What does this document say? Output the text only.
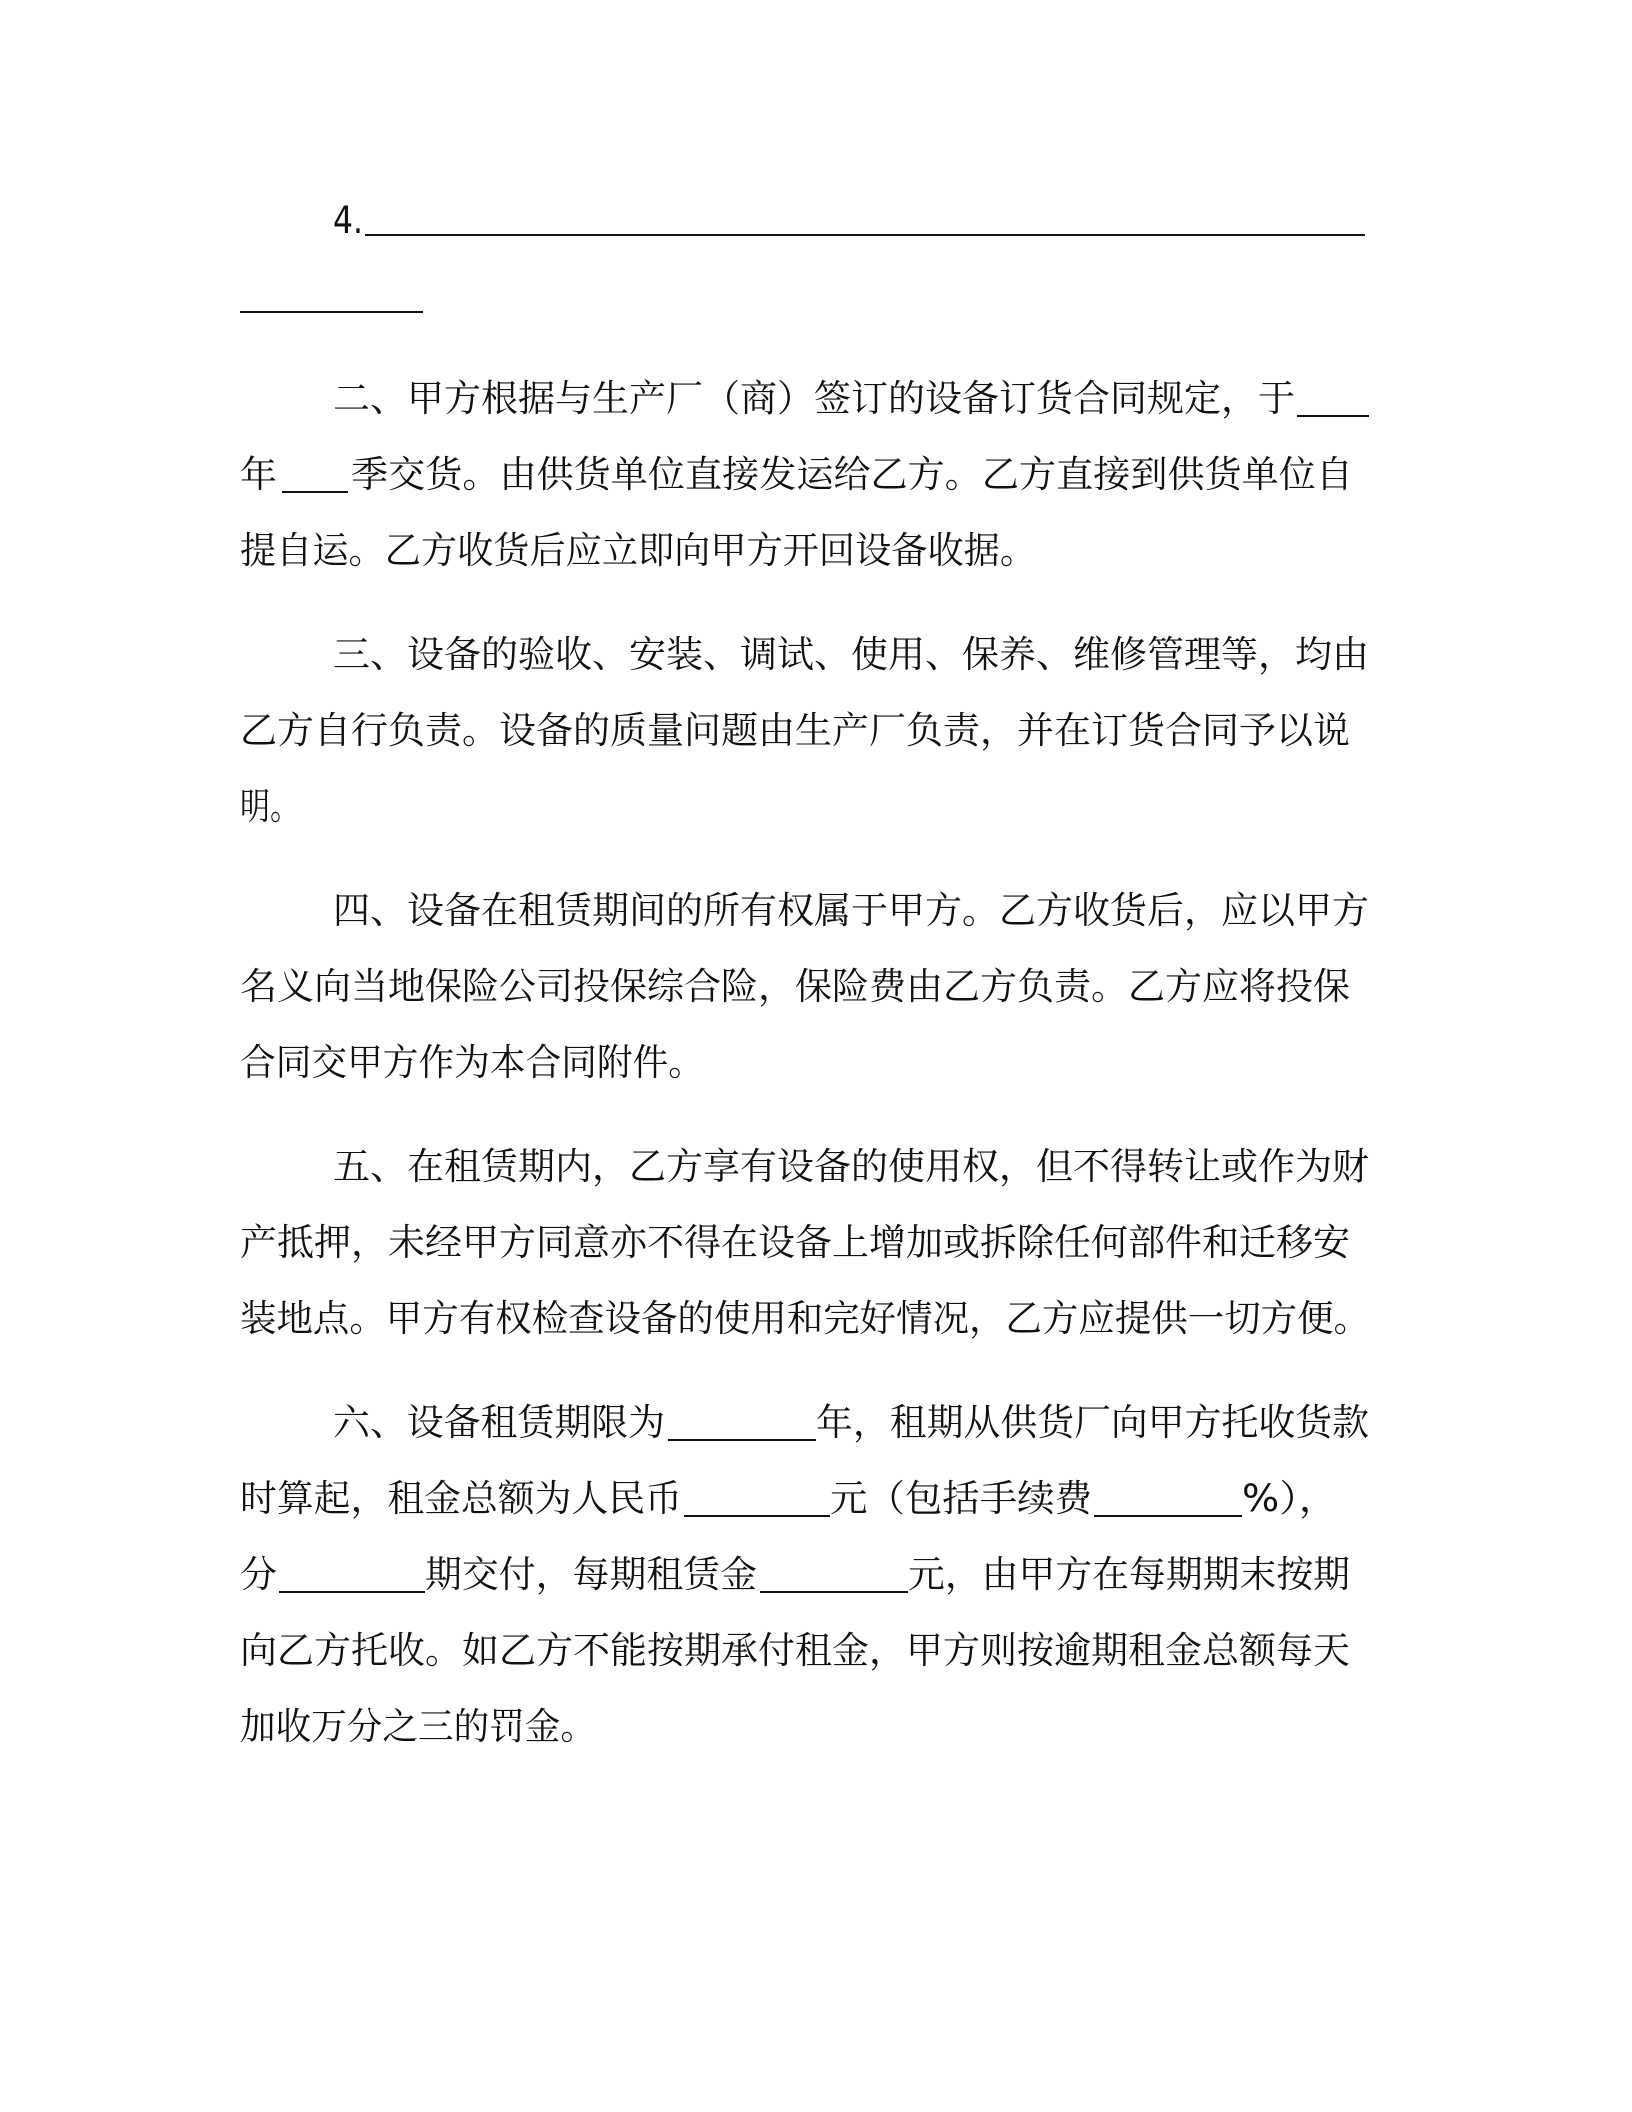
4.
二、甲方根据与生产厂（商）签订的设备订货合同规定，于
年 季交货。由供货单位直接发运给乙方。乙方直接到供货单位自
提自运。乙方收货后应立即向甲方开回设备收据。
三、设备的验收、安装、调试、使用、保养、维修管理等，均由
乙方自行负责。设备的质量问题由生产厂负责，并在订货合同予以说
明。
四、设备在租赁期间的所有权属于甲方。乙方收货后，应以甲方
名义向当地保险公司投保综合险，保险费由乙方负责。乙方应将投保
合同交甲方作为本合同附件。
五、在租赁期内，乙方享有设备的使用权，但不得转让或作为财
产抵押，未经甲方同意亦不得在设备上增加或拆除任何部件和迁移安
装地点。甲方有权检查设备的使用和完好情况，乙方应提供一切方便。
六、设备租赁期限为	年，租期从供货厂向甲方托收货款
时算起，租金总额为人民币	元（包括手续费	%），
分	期交付，每期租赁金	元，由甲方在每期期末按期
向乙方托收。如乙方不能按期承付租金，甲方则按逾期租金总额每天
加收万分之三的罚金。
